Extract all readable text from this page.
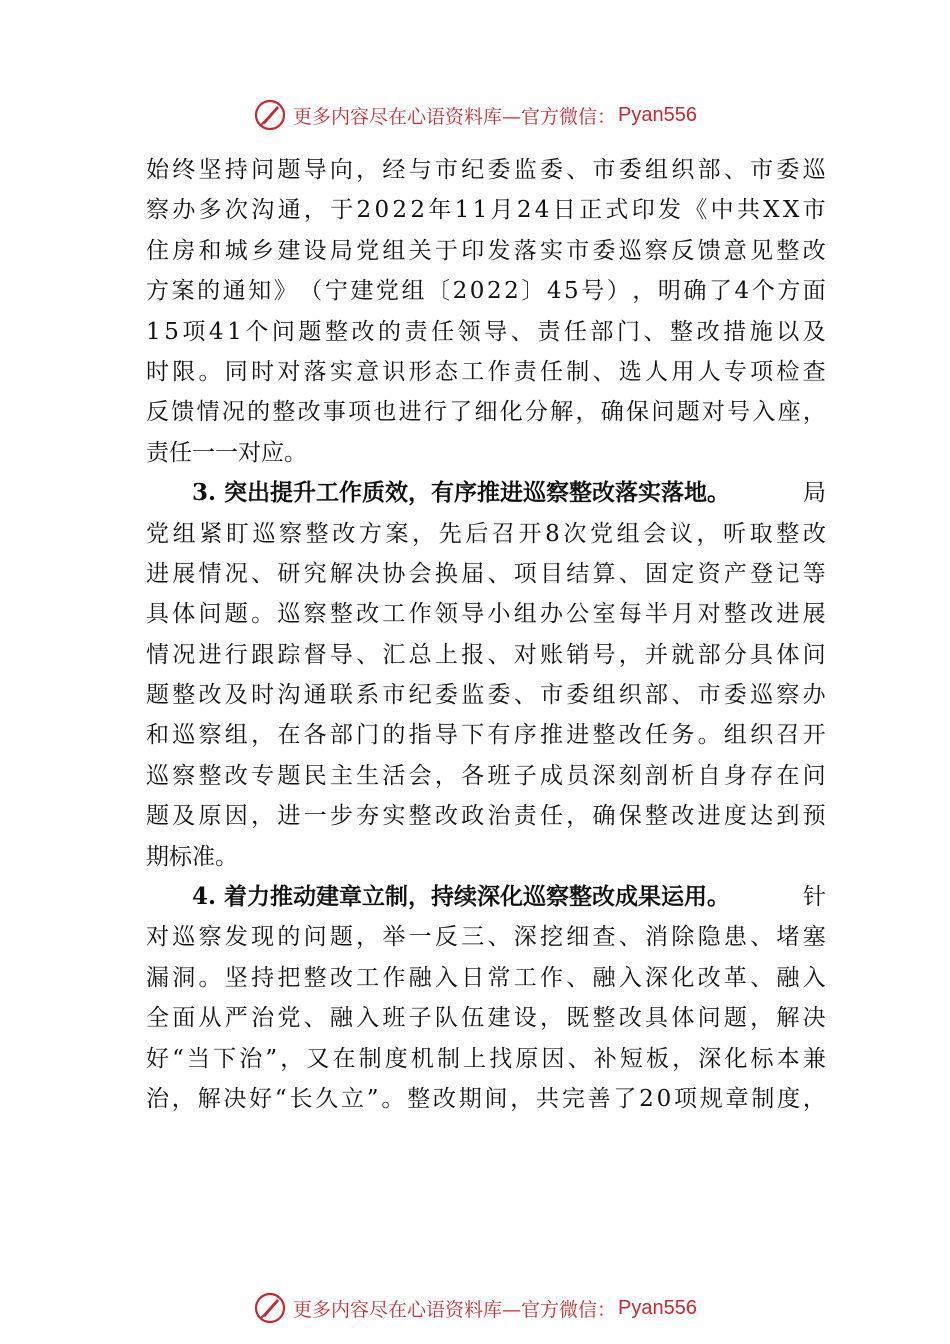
更多内容尽在心语资料库—官方微信： Pyan556
始 终 坚 持 问 题 导 向 ， 经 与 市 纪 委 监 委 、 市 委 组 织 部 、 市 委 巡
察 办 多 次 沟 通 ， 于 2 0 2 2 年 1 1 月 2 4 日 正 式 印 发 《 中 共 X X 市
住 房 和 城 乡 建 设 局 党 组 关 于 印 发 落 实 市 委 巡 察 反 馈 意 见 整 改
方 案 的 通 知 》 （ 宁 建 党 组 〔 2 0 2 2 〕 4 5 号 ） ， 明 确 了 4 个 方 面
1 5 项 4 1 个 问 题 整 改 的 责 任 领 导 、 责 任 部 门 、 整 改 措 施 以 及
时 限 。 同 时 对 落 实 意 识 形 态 工 作 责 任 制 、 选 人 用 人 专 项 检 查
反 馈 情 况 的 整 改 事 项 也 进 行 了 细 化 分 解 ， 确 保 问 题 对 号 入 座 ，
责任一一对应。
3. 突出提升工作质效，有序推进巡察整改落实落地。	局
党 组 紧 盯 巡 察 整 改 方 案 ， 先 后 召 开 8 次 党 组 会 议 ， 听 取 整 改
进 展 情 况 、 研 究 解 决 协 会 换 届 、 项 目 结 算 、 固 定 资 产 登 记 等
具 体 问 题 。 巡 察 整 改 工 作 领 导 小 组 办 公 室 每 半 月 对 整 改 进 展
情 况 进 行 跟 踪 督 导 、 汇 总 上 报 、 对 账 销 号 ， 并 就 部 分 具 体 问
题 整 改 及 时 沟 通 联 系 市 纪 委 监 委 、 市 委 组 织 部 、 市 委 巡 察 办
和 巡 察 组 ， 在 各 部 门 的 指 导 下 有 序 推 进 整 改 任 务 。 组 织 召 开
巡 察 整 改 专 题 民 主 生 活 会 ， 各 班 子 成 员 深 刻 剖 析 自 身 存 在 问
题 及 原 因 ， 进 一 步 夯 实 整 改 政 治 责 任 ， 确 保 整 改 进 度 达 到 预
期标准。
4. 着力推动建章立制，持续深化巡察整改成果运用。	针
对 巡 察 发 现 的 问 题 ， 举 一 反 三 、 深 挖 细 查 、 消 除 隐 患 、 堵 塞
漏 洞 。 坚 持 把 整 改 工 作 融 入 日 常 工 作 、 融 入 深 化 改 革 、 融 入
全 面 从 严 治 党 、 融 入 班 子 队 伍 建 设 ， 既 整 改 具 体 问 题 ， 解 决
好 “ 当 下 治 ” ， 又 在 制 度 机 制 上 找 原 因 、 补 短 板 ， 深 化 标 本 兼
治 ， 解 决 好 “ 长 久 立 ” 。 整 改 期 间 ， 共 完 善 了 2 0 项 规 章 制 度 ，
更多内容尽在心语资料库—官方微信： Pyan556
